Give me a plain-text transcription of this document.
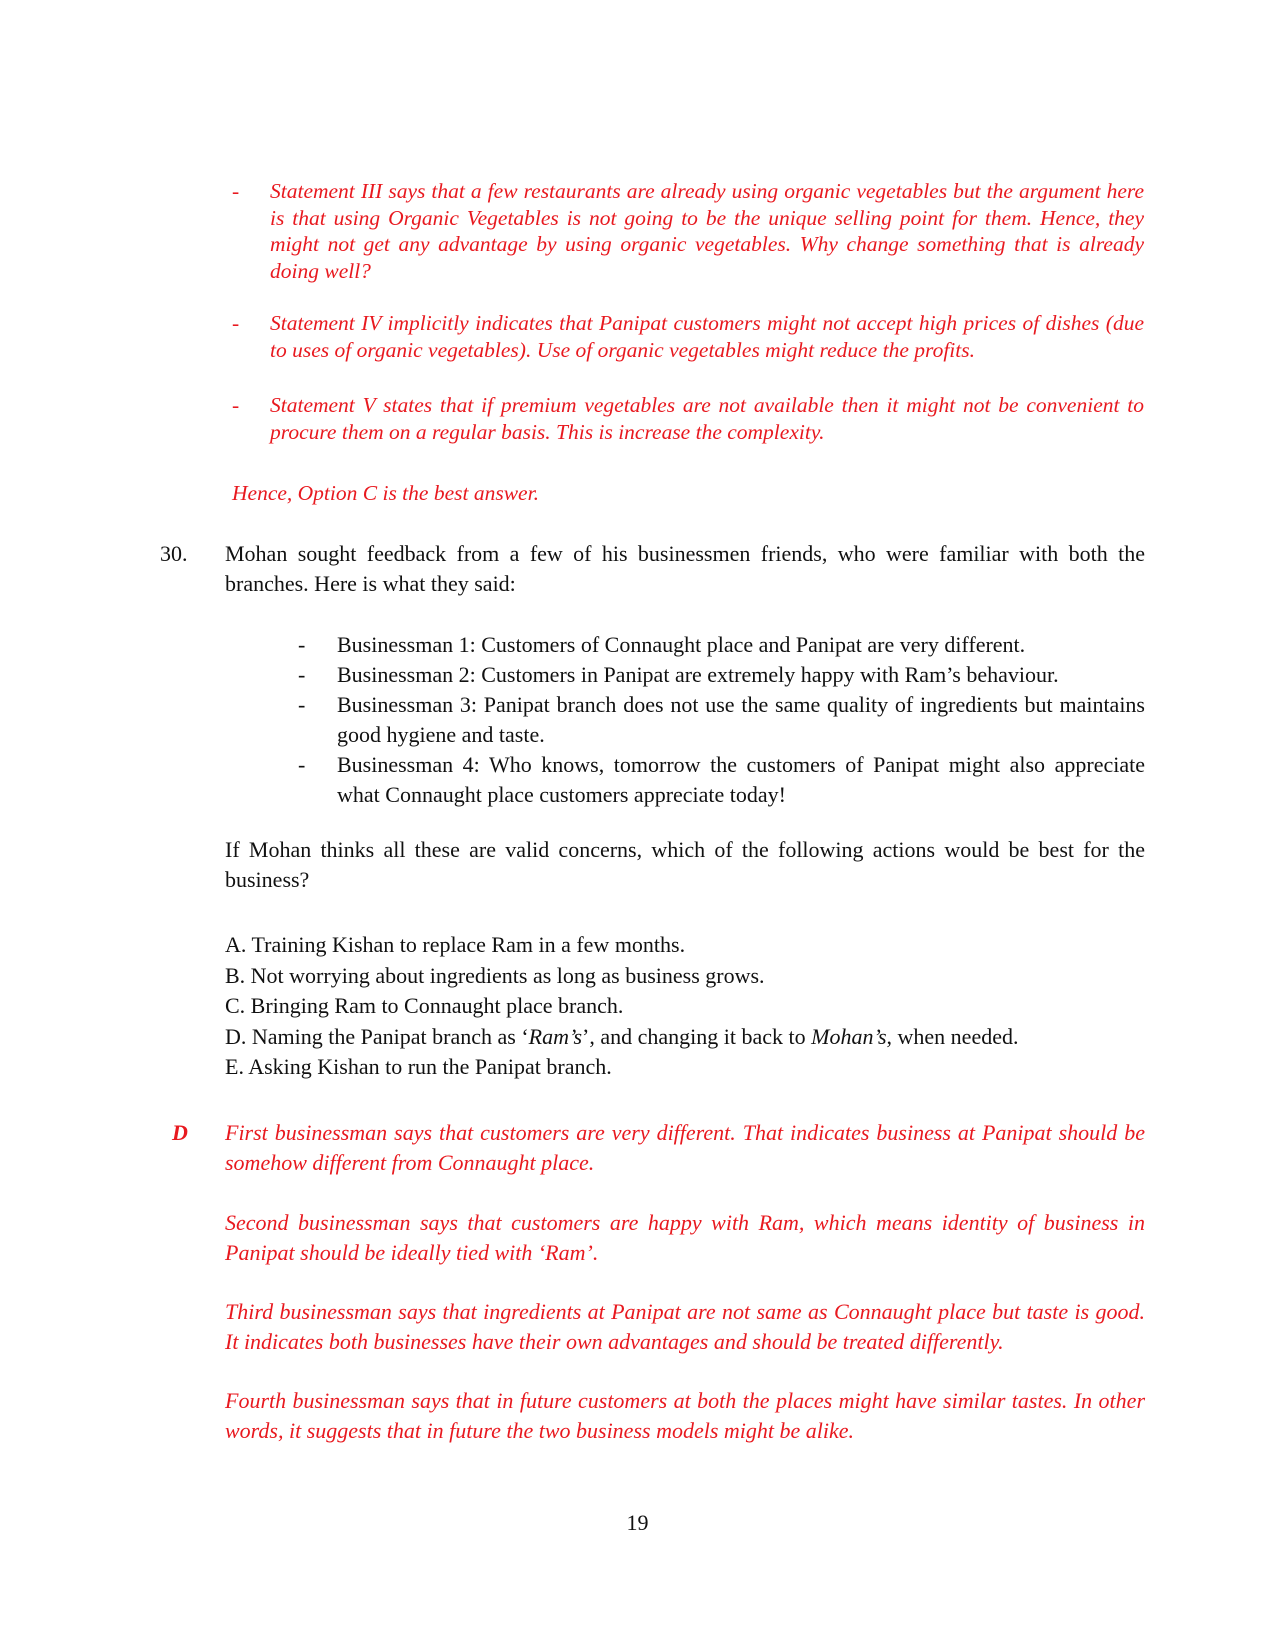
- Statement III says that a few restaurants are already using organic vegetables but the argument here is that using Organic Vegetables is not going to be the unique selling point for them. Hence, they might not get any advantage by using organic vegetables. Why change something that is already doing well?
- Statement IV implicitly indicates that Panipat customers might not accept high prices of dishes (due to uses of organic vegetables). Use of organic vegetables might reduce the profits.
- Statement V states that if premium vegetables are not available then it might not be convenient to procure them on a regular basis. This is increase the complexity.
Hence, Option C is the best answer.
30. Mohan sought feedback from a few of his businessmen friends, who were familiar with both the branches. Here is what they said:
- Businessman 1: Customers of Connaught place and Panipat are very different.
- Businessman 2: Customers in Panipat are extremely happy with Ram’s behaviour.
- Businessman 3: Panipat branch does not use the same quality of ingredients but maintains good hygiene and taste.
- Businessman 4: Who knows, tomorrow the customers of Panipat might also appreciate what Connaught place customers appreciate today!
If Mohan thinks all these are valid concerns, which of the following actions would be best for the business?
A. Training Kishan to replace Ram in a few months.
B. Not worrying about ingredients as long as business grows.
C. Bringing Ram to Connaught place branch.
D. Naming the Panipat branch as ‘Ram’s’, and changing it back to Mohan’s, when needed.
E. Asking Kishan to run the Panipat branch.
D First businessman says that customers are very different. That indicates business at Panipat should be somehow different from Connaught place.
Second businessman says that customers are happy with Ram, which means identity of business in Panipat should be ideally tied with ‘Ram’.
Third businessman says that ingredients at Panipat are not same as Connaught place but taste is good. It indicates both businesses have their own advantages and should be treated differently.
Fourth businessman says that in future customers at both the places might have similar tastes. In other words, it suggests that in future the two business models might be alike.
19
